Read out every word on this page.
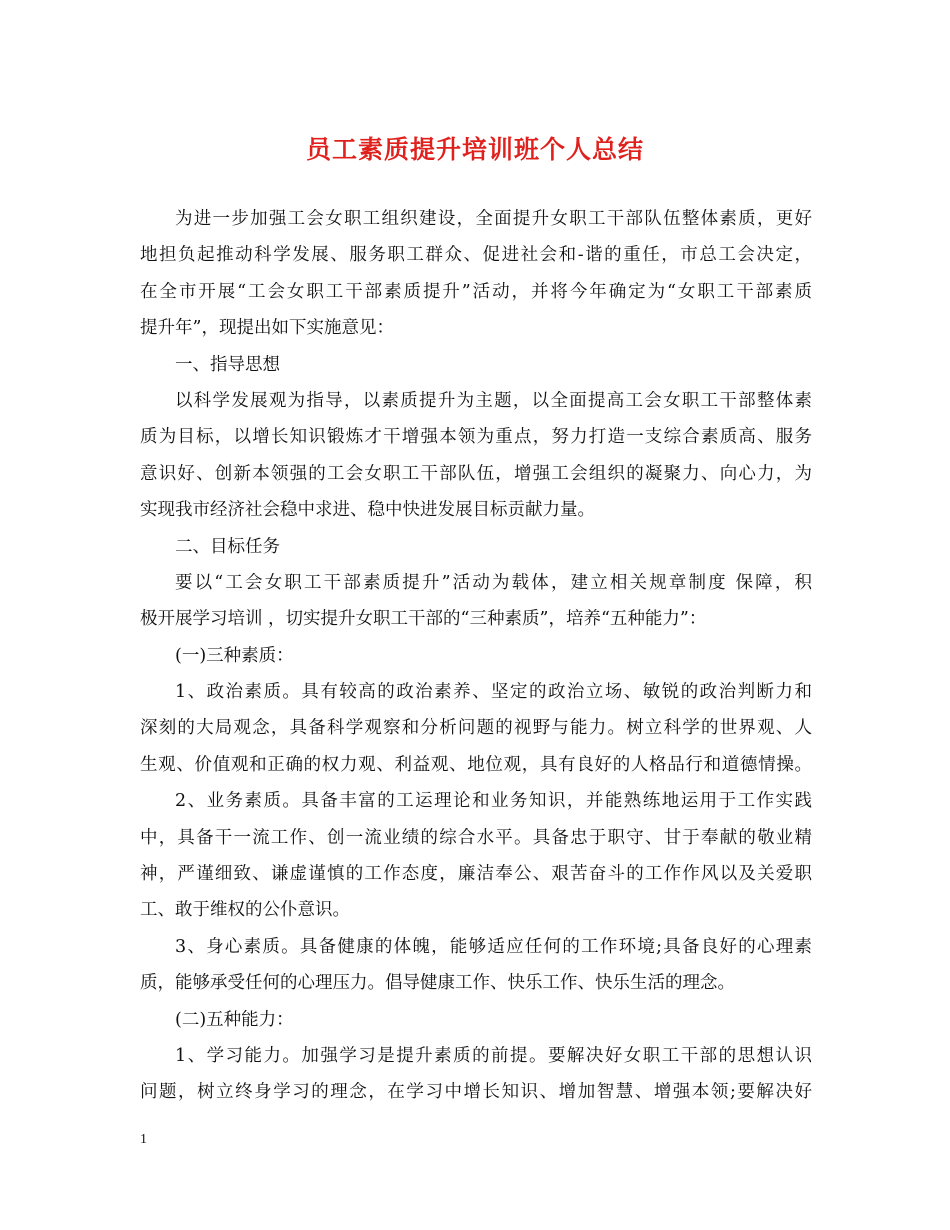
员工素质提升培训班个人总结
为进一步加强工会女职工组织建设，全面提升女职工干部队伍整体素质，更好
地担负起推动科学发展、服务职工群众、促进社会和-谐的重任，市总工会决定，
在全市开展“工会女职工干部素质提升”活动，并将今年确定为“女职工干部素质
提升年”，现提出如下实施意见：
一、指导思想
以科学发展观为指导，以素质提升为主题，以全面提高工会女职工干部整体素
质为目标，以增长知识锻炼才干增强本领为重点，努力打造一支综合素质高、服务
意识好、创新本领强的工会女职工干部队伍，增强工会组织的凝聚力、向心力，为
实现我市经济社会稳中求进、稳中快进发展目标贡献力量。
二、目标任务
要以“工会女职工干部素质提升”活动为载体，建立相关规章制度 保障，积
极开展学习培训 ，切实提升女职工干部的“三种素质”，培养“五种能力”：
(一)三种素质：
1、政治素质。具有较高的政治素养、坚定的政治立场、敏锐的政治判断力和
深刻的大局观念，具备科学观察和分析问题的视野与能力。树立科学的世界观、人
生观、价值观和正确的权力观、利益观、地位观，具有良好的人格品行和道德情操。
2、业务素质。具备丰富的工运理论和业务知识，并能熟练地运用于工作实践
中，具备干一流工作、创一流业绩的综合水平。具备忠于职守、甘于奉献的敬业精
神，严谨细致、谦虚谨慎的工作态度，廉洁奉公、艰苦奋斗的工作作风以及关爱职
工、敢于维权的公仆意识。
3、身心素质。具备健康的体魄，能够适应任何的工作环境;具备良好的心理素
质，能够承受任何的心理压力。倡导健康工作、快乐工作、快乐生活的理念。
(二)五种能力：
1、学习能力。加强学习是提升素质的前提。要解决好女职工干部的思想认识
问题，树立终身学习的理念，在学习中增长知识、增加智慧、增强本领;要解决好
1
